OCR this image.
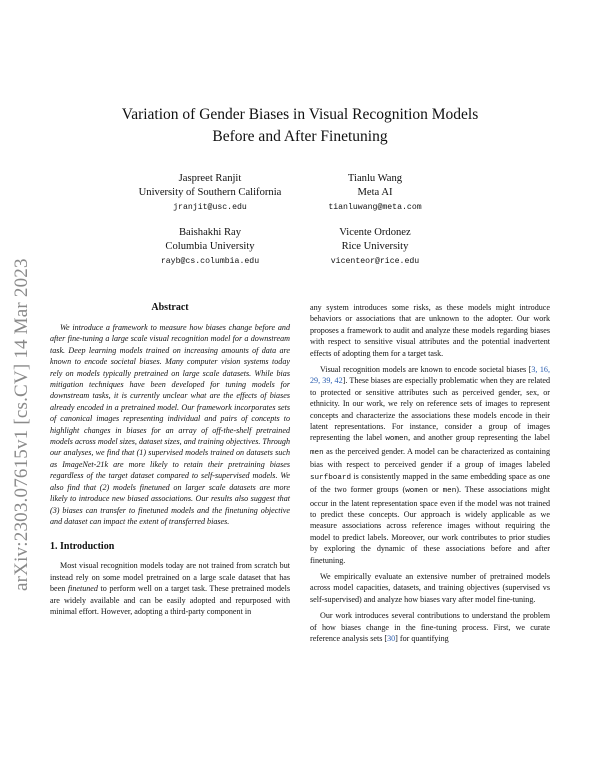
arXiv:2303.07615v1 [cs.CV] 14 Mar 2023
Variation of Gender Biases in Visual Recognition Models
Before and After Finetuning
Jaspreet Ranjit
University of Southern California
jranjit@usc.edu
Tianlu Wang
Meta AI
tianluwang@meta.com
Baishakhi Ray
Columbia University
rayb@cs.columbia.edu
Vicente Ordonez
Rice University
vicenteor@rice.edu
Abstract

We introduce a framework to measure how biases change before and after fine-tuning a large scale visual recognition model for a downstream task. Deep learning models trained on increasing amounts of data are known to encode societal biases. Many computer vision systems today rely on models typically pretrained on large scale datasets. While bias mitigation techniques have been developed for tuning models for downstream tasks, it is currently unclear what are the effects of biases already encoded in a pretrained model. Our framework incorporates sets of canonical images representing individual and pairs of concepts to highlight changes in biases for an array of off-the-shelf pretrained models across model sizes, dataset sizes, and training objectives. Through our analyses, we find that (1) supervised models trained on datasets such as ImageNet-21k are more likely to retain their pretraining biases regardless of the target dataset compared to self-supervised models. We also find that (2) models finetuned on larger scale datasets are more likely to introduce new biased associations. Our results also suggest that (3) biases can transfer to finetuned models and the finetuning objective and dataset can impact the extent of transferred biases.

1. Introduction

Most visual recognition models today are not trained from scratch but instead rely on some model pretrained on a large scale dataset that has been finetuned to perform well on a target task. These pretrained models are widely available and can be easily adopted and repurposed with minimal effort. However, adopting a third-party component in

any system introduces some risks, as these models might introduce behaviors or associations that are unknown to the adopter. Our work proposes a framework to audit and analyze these models regarding biases with respect to sensitive visual attributes and the potential inadvertent effects of adopting them for a target task.

Visual recognition models are known to encode societal biases [3, 16, 29, 39, 42]. These biases are especially problematic when they are related to protected or sensitive attributes such as perceived gender, sex, or ethnicity. In our work, we rely on reference sets of images to represent concepts and characterize the associations these models encode in their latent representations. For instance, consider a group of images representing the label women, and another group representing the label men as the perceived gender. A model can be characterized as containing bias with respect to perceived gender if a group of images labeled surfboard is consistently mapped in the same embedding space as one of the two former groups (women or men). These associations might occur in the latent representation space even if the model was not trained to predict these concepts. Our approach is widely applicable as we measure associations across reference images without requiring the model to predict labels. Moreover, our work contributes to prior studies by exploring the dynamic of these associations before and after finetuning.

We empirically evaluate an extensive number of pretrained models across model capacities, datasets, and training objectives (supervised vs self-supervised) and analyze how biases vary after model fine-tuning.

Our work introduces several contributions to understand the problem of how biases change in the fine-tuning process. First, we curate reference analysis sets [30] for quantifying
